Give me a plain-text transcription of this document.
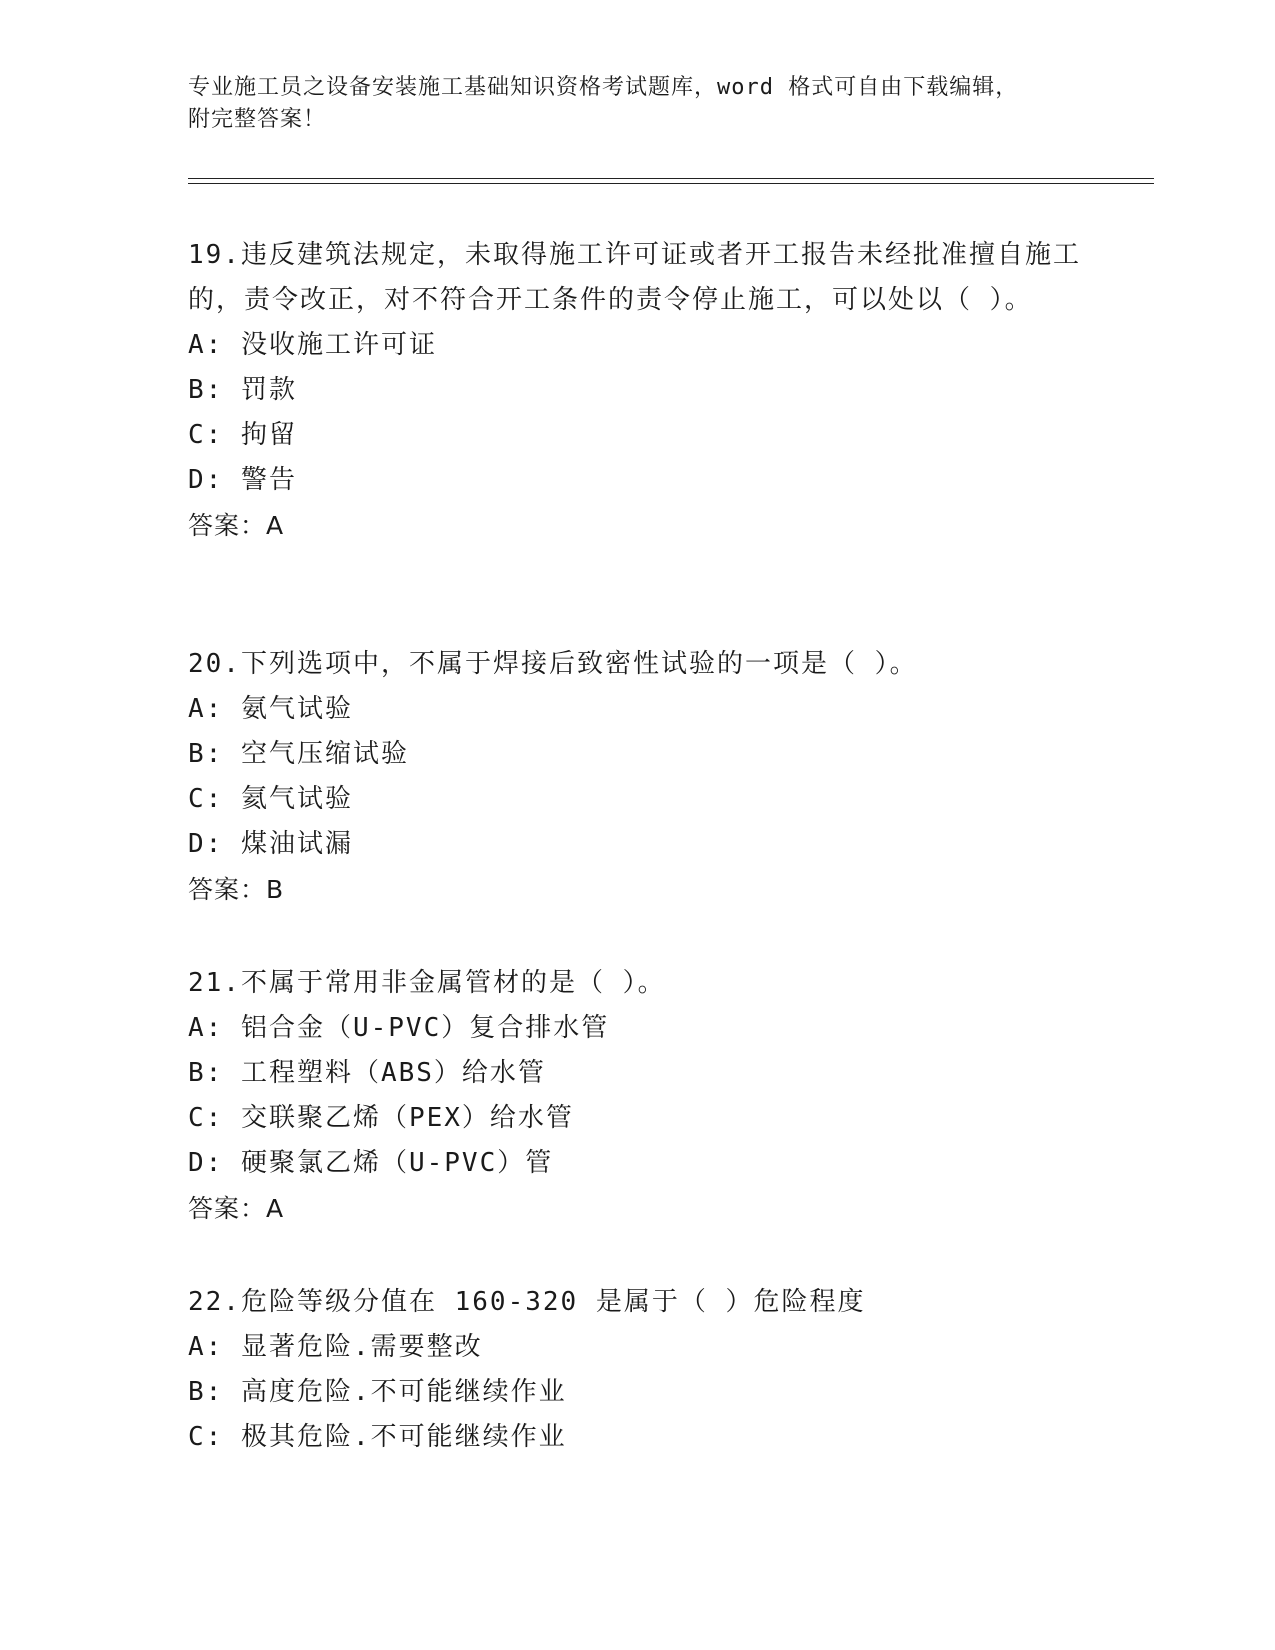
专业施工员之设备安装施工基础知识资格考试题库，word 格式可自由下载编辑，
附完整答案！
19.违反建筑法规定，未取得施工许可证或者开工报告未经批准擅自施工的，责令改正，对不符合开工条件的责令停止施工，可以处以（ ）。
A: 没收施工许可证
B: 罚款
C: 拘留
D: 警告
答案：A
20.下列选项中，不属于焊接后致密性试验的一项是（ ）。
A: 氨气试验
B: 空气压缩试验
C: 氦气试验
D: 煤油试漏
答案：B
21.不属于常用非金属管材的是（ ）。
A: 铝合金（U-PVC）复合排水管
B: 工程塑料（ABS）给水管
C: 交联聚乙烯（PEX）给水管
D: 硬聚氯乙烯（U-PVC）管
答案：A
22.危险等级分值在 160-320 是属于（ ）危险程度
A: 显著危险.需要整改
B: 高度危险.不可能继续作业
C: 极其危险.不可能继续作业
